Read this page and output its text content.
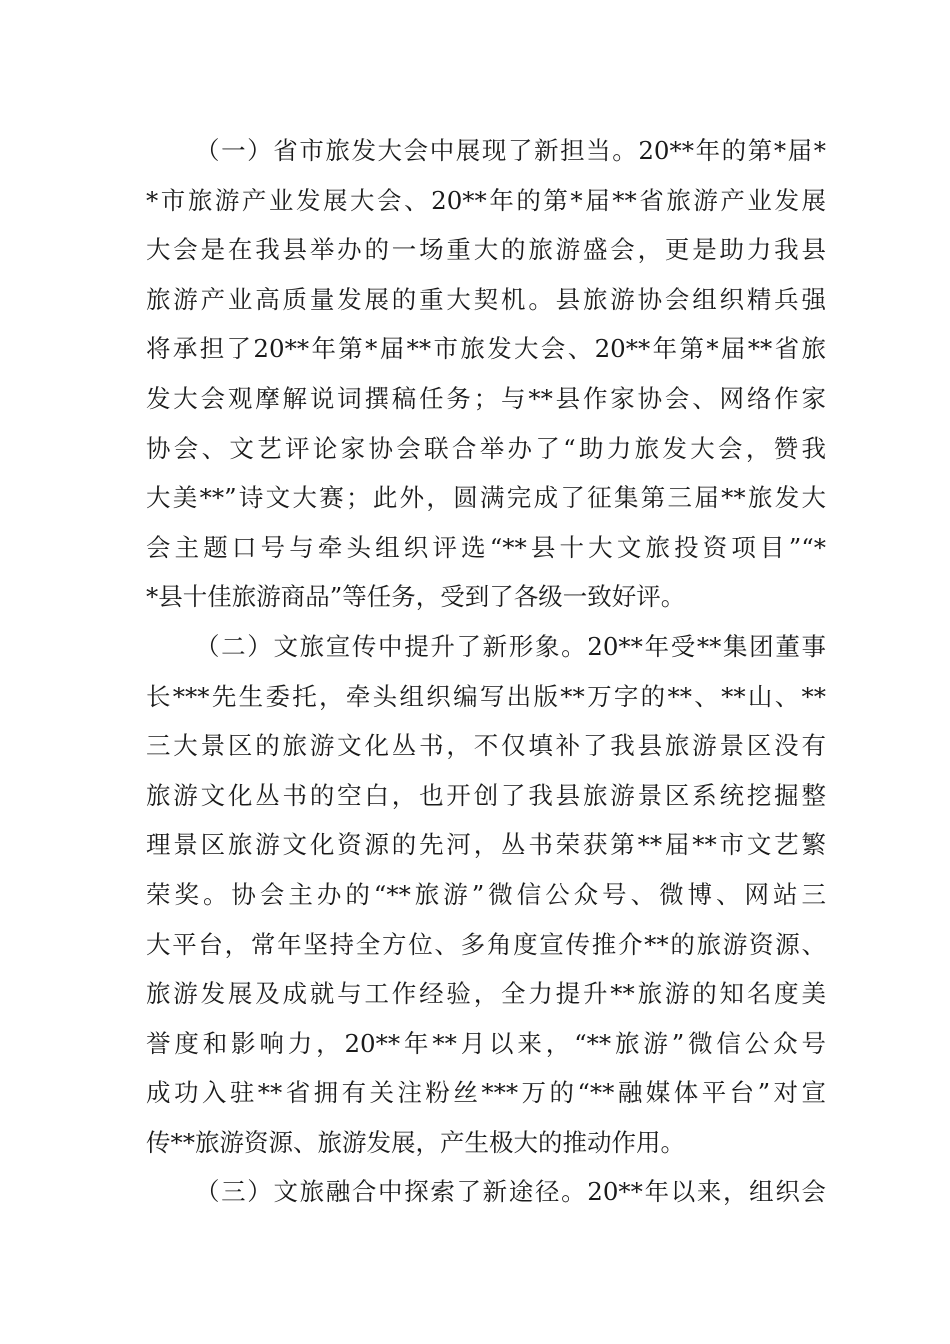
（一）省市旅发大会中展现了新担当。20**年的第*届*
*市旅游产业发展大会、20**年的第*届**省旅游产业发展
大会是在我县举办的一场重大的旅游盛会，更是助力我县
旅游产业高质量发展的重大契机。县旅游协会组织精兵强
将承担了20**年第*届**市旅发大会、20**年第*届**省旅
发大会观摩解说词撰稿任务；与**县作家协会、网络作家
协会、文艺评论家协会联合举办了“助力旅发大会，赞我
大美**”诗文大赛；此外，圆满完成了征集第三届**旅发大
会主题口号与牵头组织评选“**县十大文旅投资项目”“*
*县十佳旅游商品”等任务，受到了各级一致好评。
（二）文旅宣传中提升了新形象。20**年受**集团董事
长***先生委托，牵头组织编写出版**万字的**、**山、**
三大景区的旅游文化丛书，不仅填补了我县旅游景区没有
旅游文化丛书的空白，也开创了我县旅游景区系统挖掘整
理景区旅游文化资源的先河，丛书荣获第**届**市文艺繁
荣奖。协会主办的“**旅游”微信公众号、微博、网站三
大平台，常年坚持全方位、多角度宣传推介**的旅游资源、
旅游发展及成就与工作经验，全力提升**旅游的知名度美
誉度和影响力，20**年**月以来，“**旅游”微信公众号
成功入驻**省拥有关注粉丝***万的“**融媒体平台”对宣
传**旅游资源、旅游发展，产生极大的推动作用。
（三）文旅融合中探索了新途径。20**年以来，组织会
